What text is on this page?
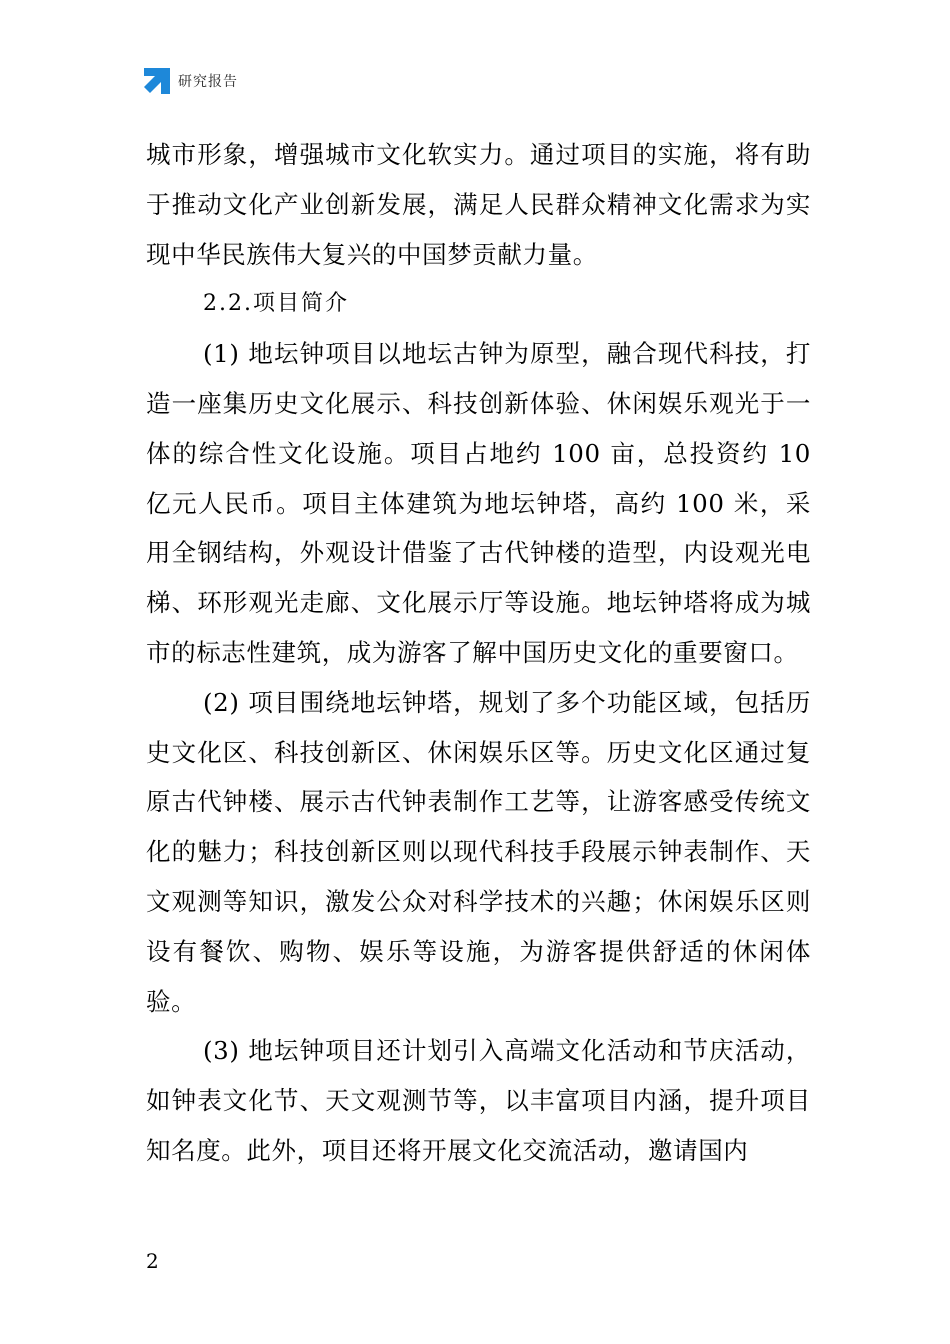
研究报告

城市形象，增强城市文化软实力。通过项目的实施，将有助于推动文化产业创新发展，满足人民群众精神文化需求为实现中华民族伟大复兴的中国梦贡献力量。

2.2.项目简介

(1) 地坛钟项目以地坛古钟为原型，融合现代科技，打造一座集历史文化展示、科技创新体验、休闲娱乐观光于一体的综合性文化设施。项目占地约 100 亩，总投资约 10 亿元人民币。项目主体建筑为地坛钟塔，高约 100 米，采用全钢结构，外观设计借鉴了古代钟楼的造型，内设观光电梯、环形观光走廊、文化展示厅等设施。地坛钟塔将成为城市的标志性建筑，成为游客了解中国历史文化的重要窗口。

(2) 项目围绕地坛钟塔，规划了多个功能区域，包括历史文化区、科技创新区、休闲娱乐区等。历史文化区通过复原古代钟楼、展示古代钟表制作工艺等，让游客感受传统文化的魅力；科技创新区则以现代科技手段展示钟表制作、天文观测等知识，激发公众对科学技术的兴趣；休闲娱乐区则设有餐饮、购物、娱乐等设施，为游客提供舒适的休闲体验。

(3) 地坛钟项目还计划引入高端文化活动和节庆活动，如钟表文化节、天文观测节等，以丰富项目内涵，提升项目知名度。此外，项目还将开展文化交流活动，邀请国内

2
